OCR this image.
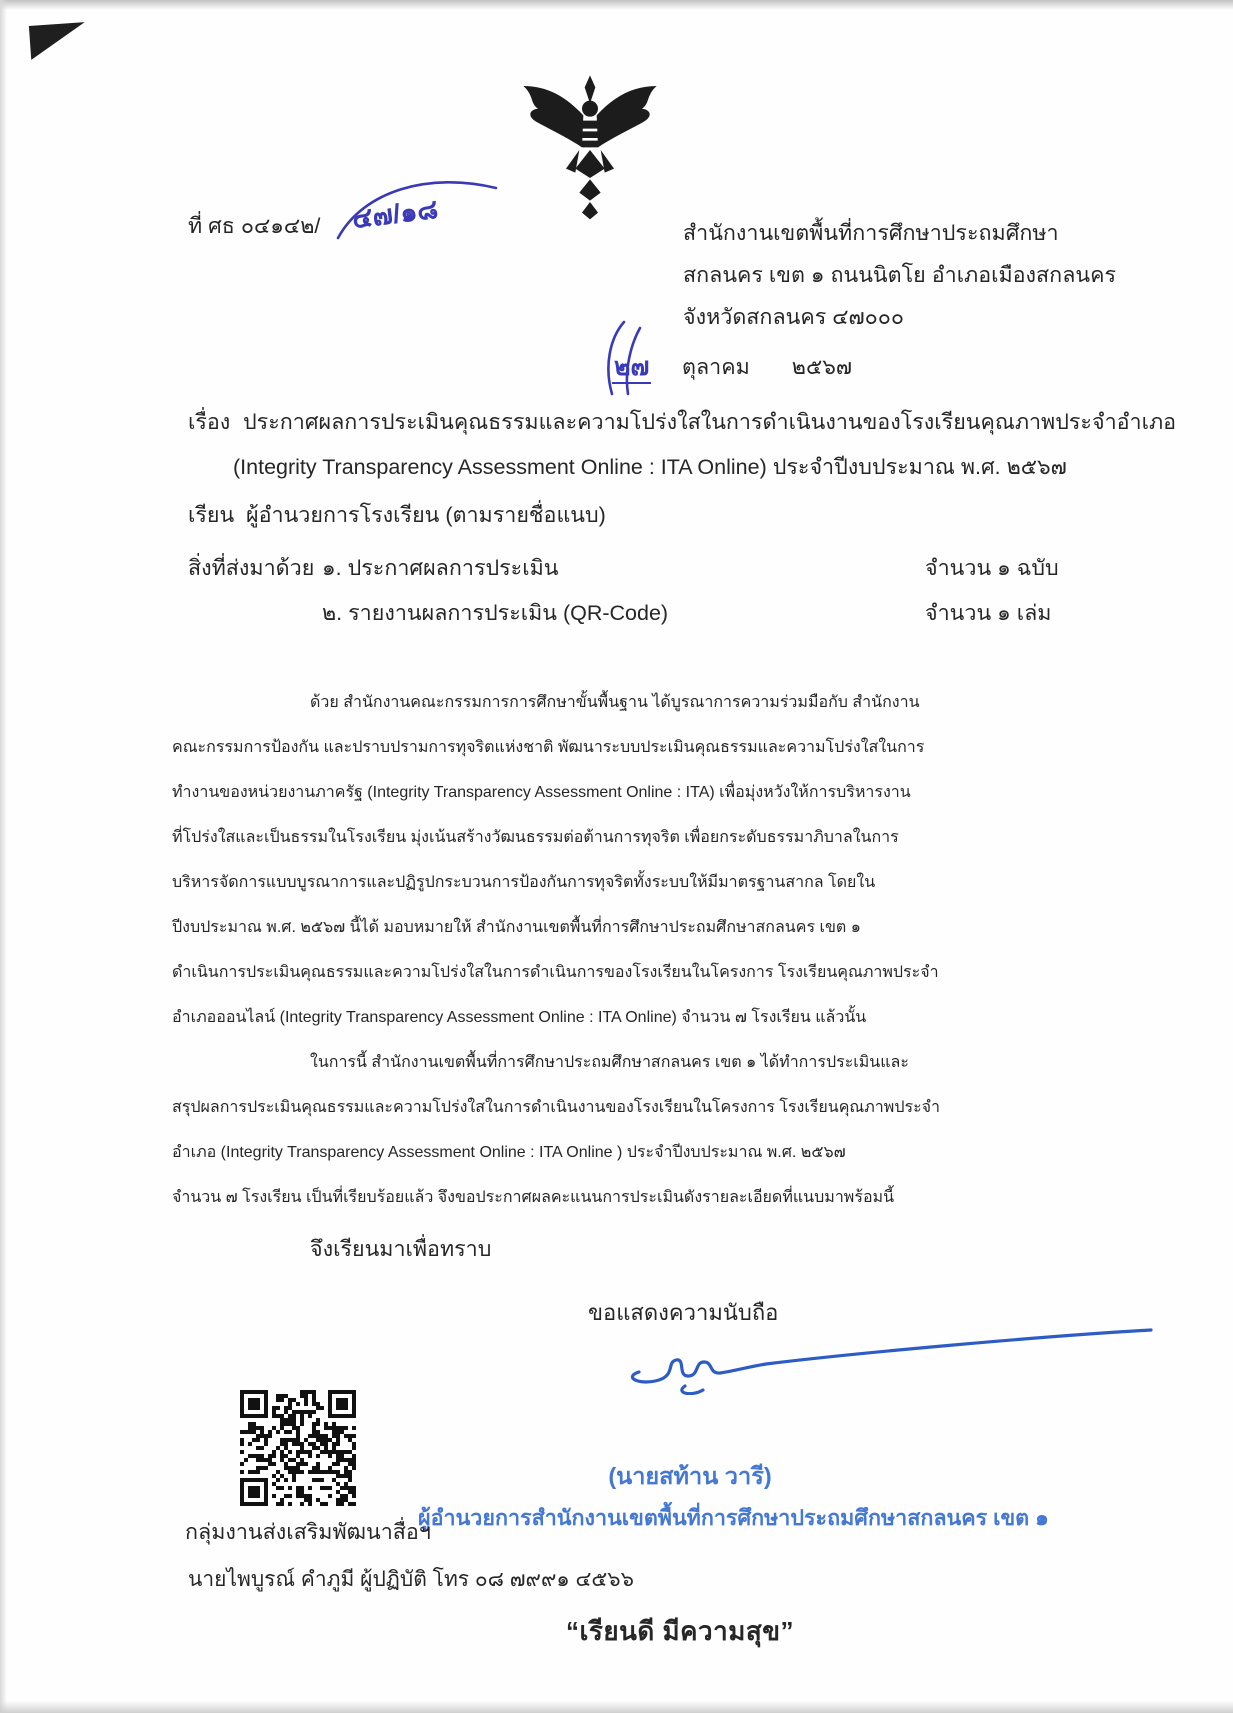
ที่ ศธ ๐๔๑๔๒/ ๔๗/๑๘	สำนักงานเขตพื้นที่การศึกษาประถมศึกษา
สกลนคร เขต ๑ ถนนนิตโย อำเภอเมืองสกลนคร
จังหวัดสกลนคร ๔๗๐๐๐
๒๗ ตุลาคม ๒๕๖๗
เรื่อง ประกาศผลการประเมินคุณธรรมและความโปร่งใสในการดำเนินงานของโรงเรียนคุณภาพประจำอำเภอ
(Integrity Transparency Assessment Online : ITA Online) ประจำปีงบประมาณ พ.ศ. ๒๕๖๗
เรียน ผู้อำนวยการโรงเรียน (ตามรายชื่อแนบ)
สิ่งที่ส่งมาด้วย ๑. ประกาศผลการประเมิน	จำนวน ๑ ฉบับ
๒. รายงานผลการประเมิน (QR-Code)	จำนวน ๑ เล่ม
ด้วย สำนักงานคณะกรรมการการศึกษาขั้นพื้นฐาน ได้บูรณาการความร่วมมือกับ สำนักงาน
คณะกรรมการป้องกัน และปราบปรามการทุจริตแห่งชาติ พัฒนาระบบประเมินคุณธรรมและความโปร่งใสในการ
ทำงานของหน่วยงานภาครัฐ (Integrity Transparency Assessment Online : ITA) เพื่อมุ่งหวังให้การบริหารงาน
ที่โปร่งใสและเป็นธรรมในโรงเรียน มุ่งเน้นสร้างวัฒนธรรมต่อต้านการทุจริต เพื่อยกระดับธรรมาภิบาลในการ
บริหารจัดการแบบบูรณาการและปฏิรูปกระบวนการป้องกันการทุจริตทั้งระบบให้มีมาตรฐานสากล โดยใน
ปีงบประมาณ พ.ศ. ๒๕๖๗ นี้ได้ มอบหมายให้ สำนักงานเขตพื้นที่การศึกษาประถมศึกษาสกลนคร เขต ๑
ดำเนินการประเมินคุณธรรมและความโปร่งใสในการดำเนินการของโรงเรียนในโครงการ โรงเรียนคุณภาพประจำ
อำเภอออนไลน์ (Integrity Transparency Assessment Online : ITA Online) จำนวน ๗ โรงเรียน แล้วนั้น
ในการนี้ สำนักงานเขตพื้นที่การศึกษาประถมศึกษาสกลนคร เขต ๑ ได้ทำการประเมินและ
สรุปผลการประเมินคุณธรรมและความโปร่งใสในการดำเนินงานของโรงเรียนในโครงการ โรงเรียนคุณภาพประจำ
อำเภอ (Integrity Transparency Assessment Online : ITA Online ) ประจำปีงบประมาณ พ.ศ. ๒๕๖๗
จำนวน ๗ โรงเรียน เป็นที่เรียบร้อยแล้ว จึงขอประกาศผลคะแนนการประเมินดังรายละเอียดที่แนบมาพร้อมนี้
จึงเรียนมาเพื่อทราบ
ขอแสดงความนับถือ
(นายสท้าน วารี)
ผู้อำนวยการสำนักงานเขตพื้นที่การศึกษาประถมศึกษาสกลนคร เขต ๑
กลุ่มงานส่งเสริมพัฒนาสื่อฯ
นายไพบูรณ์ คำภูมี ผู้ปฏิบัติ โทร ๐๘ ๗๙๙๑ ๔๕๖๖
“เรียนดี มีความสุข”
